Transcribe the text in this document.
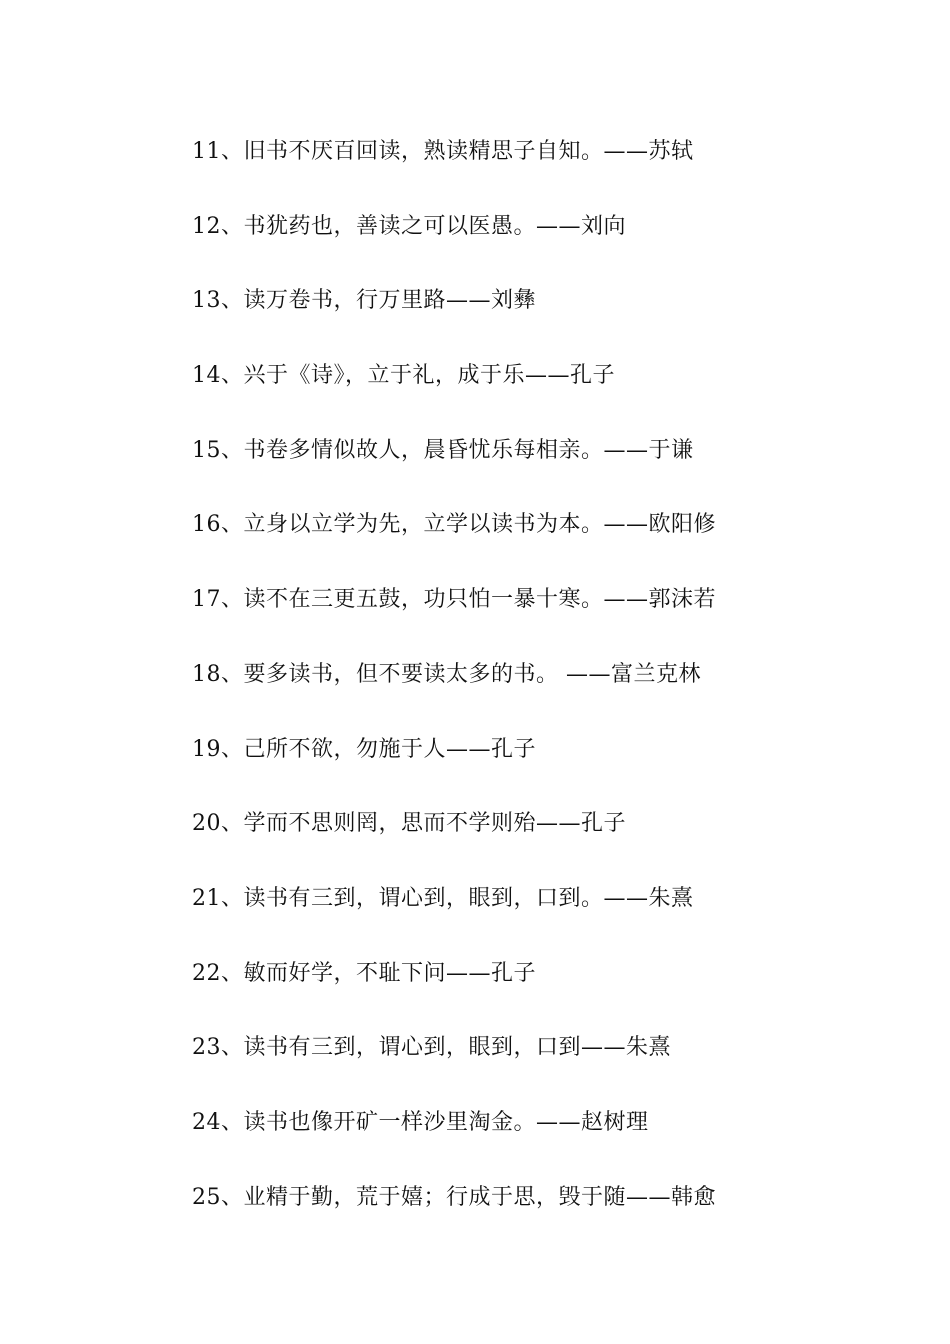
11、旧书不厌百回读，熟读精思子自知。——苏轼
12、书犹药也，善读之可以医愚。——刘向
13、读万卷书，行万里路——刘彝
14、兴于《诗》，立于礼，成于乐——孔子
15、书卷多情似故人，晨昏忧乐每相亲。——于谦
16、立身以立学为先，立学以读书为本。——欧阳修
17、读不在三更五鼓，功只怕一暴十寒。——郭沫若
18、要多读书，但不要读太多的书。 ——富兰克林
19、己所不欲，勿施于人——孔子
20、学而不思则罔，思而不学则殆——孔子
21、读书有三到，谓心到，眼到，口到。——朱熹
22、敏而好学，不耻下问——孔子
23、读书有三到，谓心到，眼到，口到——朱熹
24、读书也像开矿一样沙里淘金。——赵树理
25、业精于勤，荒于嬉；行成于思，毁于随——韩愈
